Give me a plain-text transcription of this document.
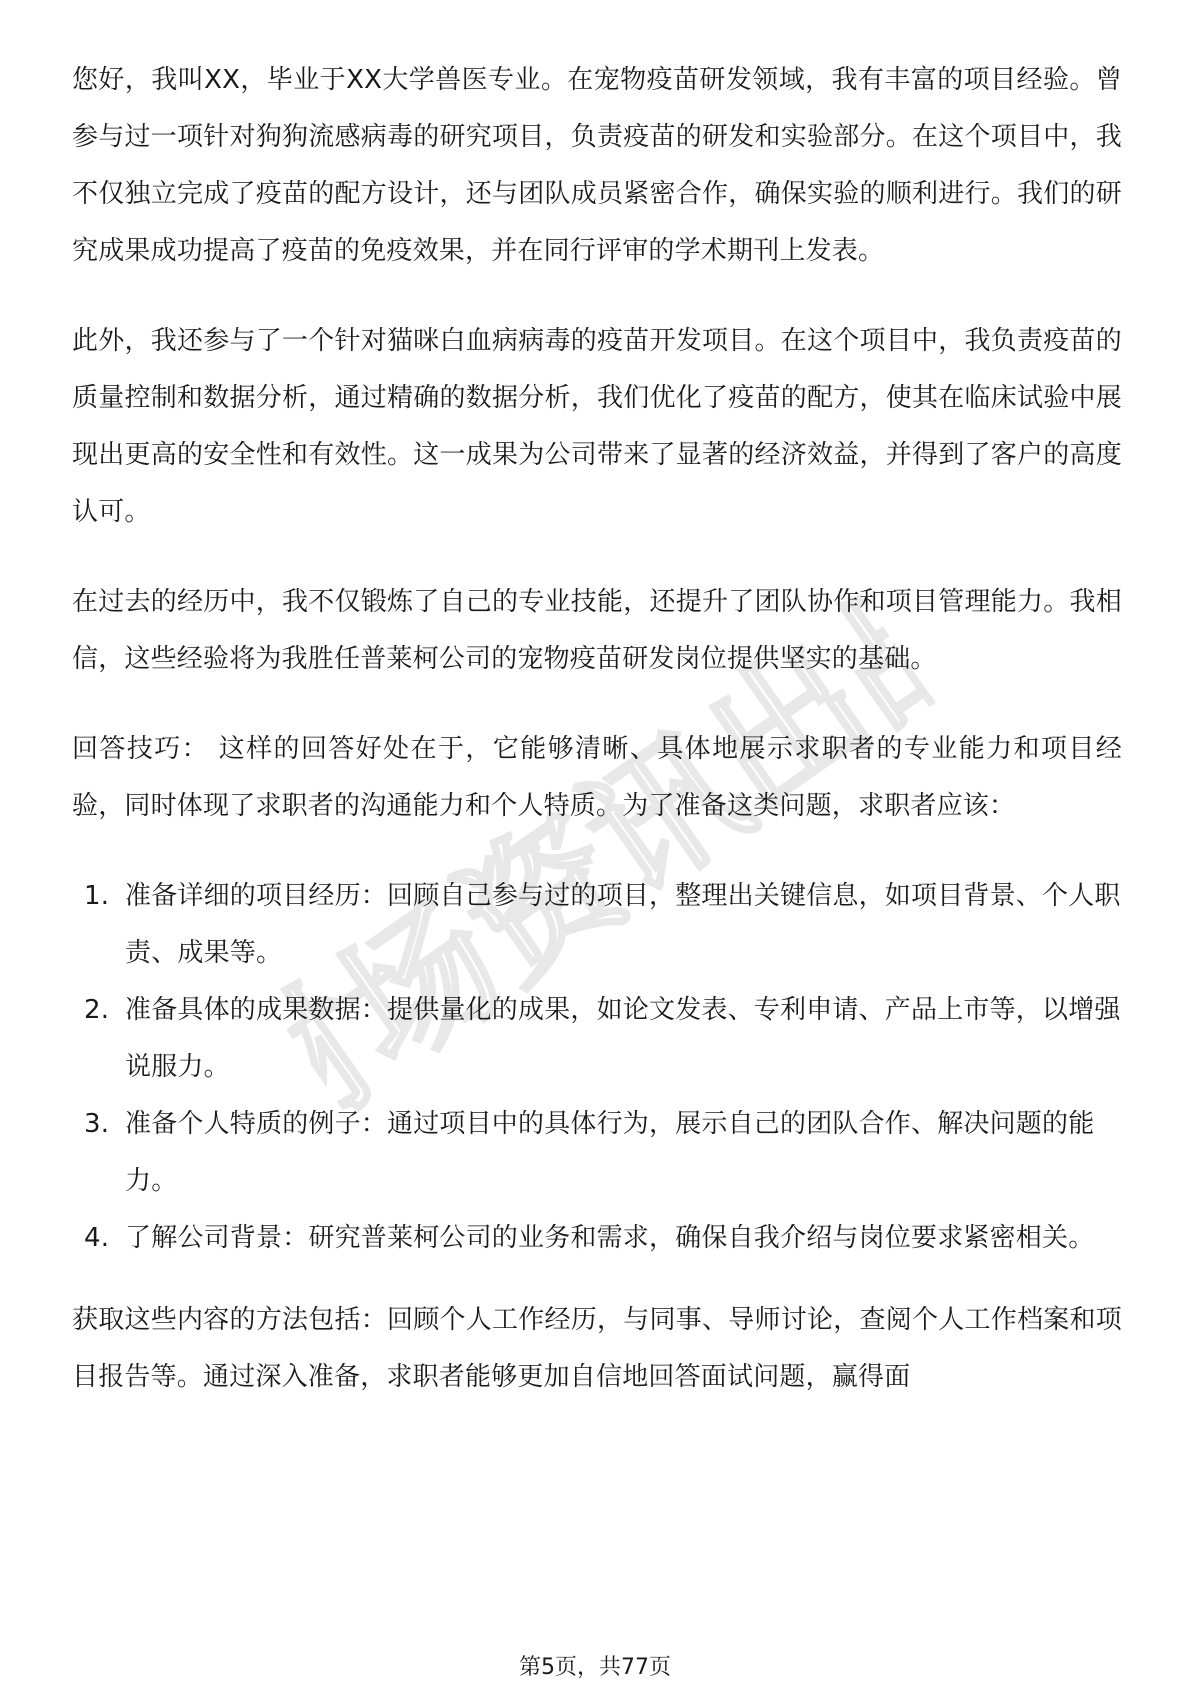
财场资讯出品

您好，我叫XX，毕业于XX大学兽医专业。在宠物疫苗研发领域，我有丰富的项目经验。曾参与过一项针对狗狗流感病毒的研究项目，负责疫苗的研发和实验部分。在这个项目中，我不仅独立完成了疫苗的配方设计，还与团队成员紧密合作，确保实验的顺利进行。我们的研究成果成功提高了疫苗的免疫效果，并在同行评审的学术期刊上发表。

此外，我还参与了一个针对猫咪白血病病毒的疫苗开发项目。在这个项目中，我负责疫苗的质量控制和数据分析，通过精确的数据分析，我们优化了疫苗的配方，使其在临床试验中展现出更高的安全性和有效性。这一成果为公司带来了显著的经济效益，并得到了客户的高度认可。

在过去的经历中，我不仅锻炼了自己的专业技能，还提升了团队协作和项目管理能力。我相信，这些经验将为我胜任普莱柯公司的宠物疫苗研发岗位提供坚实的基础。

回答技巧： 这样的回答好处在于，它能够清晰、具体地展示求职者的专业能力和项目经验，同时体现了求职者的沟通能力和个人特质。为了准备这类问题，求职者应该：

1. 准备详细的项目经历：回顾自己参与过的项目，整理出关键信息，如项目背景、个人职责、成果等。
2. 准备具体的成果数据：提供量化的成果，如论文发表、专利申请、产品上市等，以增强说服力。
3. 准备个人特质的例子：通过项目中的具体行为，展示自己的团队合作、解决问题的能力。
4. 了解公司背景：研究普莱柯公司的业务和需求，确保自我介绍与岗位要求紧密相关。

获取这些内容的方法包括：回顾个人工作经历，与同事、导师讨论，查阅个人工作档案和项目报告等。通过深入准备，求职者能够更加自信地回答面试问题，赢得面

第5页，共77页
